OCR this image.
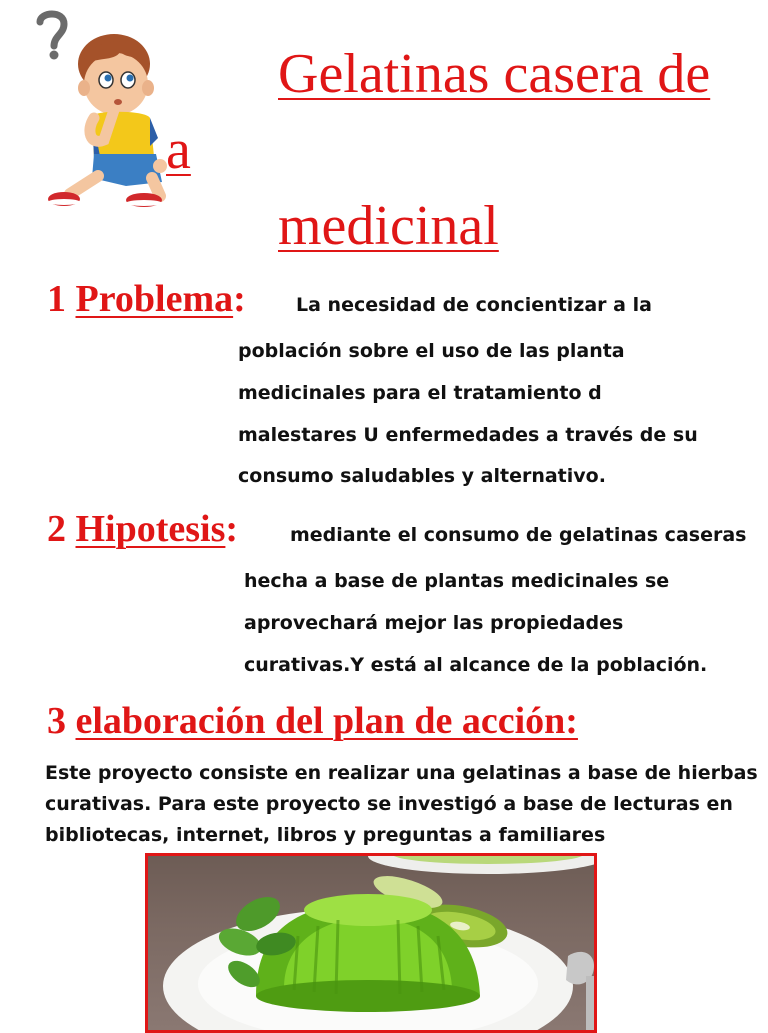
Gelatinas casera de
a
medicinal
1 Problema:	La necesidad de concientizar a la
población sobre el uso de las planta
medicinales para el tratamiento d
malestares U enfermedades a través de su
consumo saludables y alternativo.
2 Hipotesis:	mediante el consumo de gelatinas caseras
hecha a base de plantas medicinales se
aprovechará mejor las propiedades
curativas.Y está al alcance de la población.
3 elaboración del plan de acción:
Este proyecto consiste en realizar una gelatinas a base de hierbas
curativas. Para este proyecto se investigó a base de lecturas en
bibliotecas, internet, libros y preguntas a familiares
